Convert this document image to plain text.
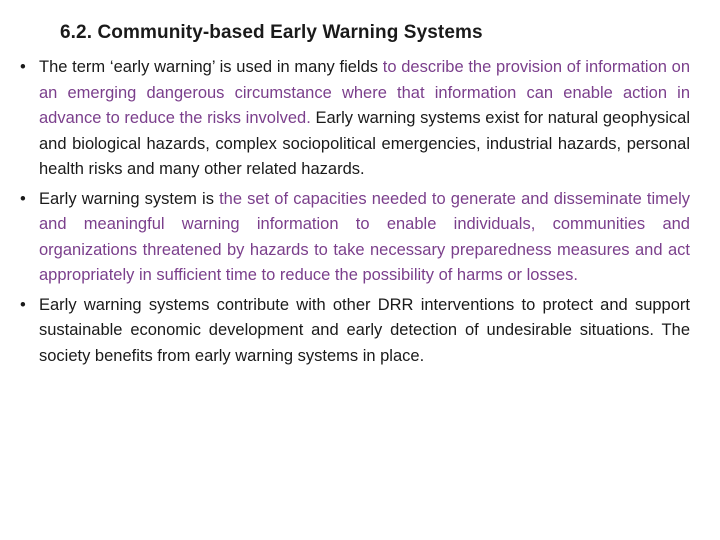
6.2. Community-based Early Warning Systems
• The term ‘early warning’ is used in many fields to describe the provision of information on an emerging dangerous circumstance where that information can enable action in advance to reduce the risks involved. Early warning systems exist for natural geophysical and biological hazards, complex sociopolitical emergencies, industrial hazards, personal health risks and many other related hazards.
• Early warning system is the set of capacities needed to generate and disseminate timely and meaningful warning information to enable individuals, communities and organizations threatened by hazards to take necessary preparedness measures and act appropriately in sufficient time to reduce the possibility of harms or losses.
• Early warning systems contribute with other DRR interventions to protect and support sustainable economic development and early detection of undesirable situations. The society benefits from early warning systems in place.
